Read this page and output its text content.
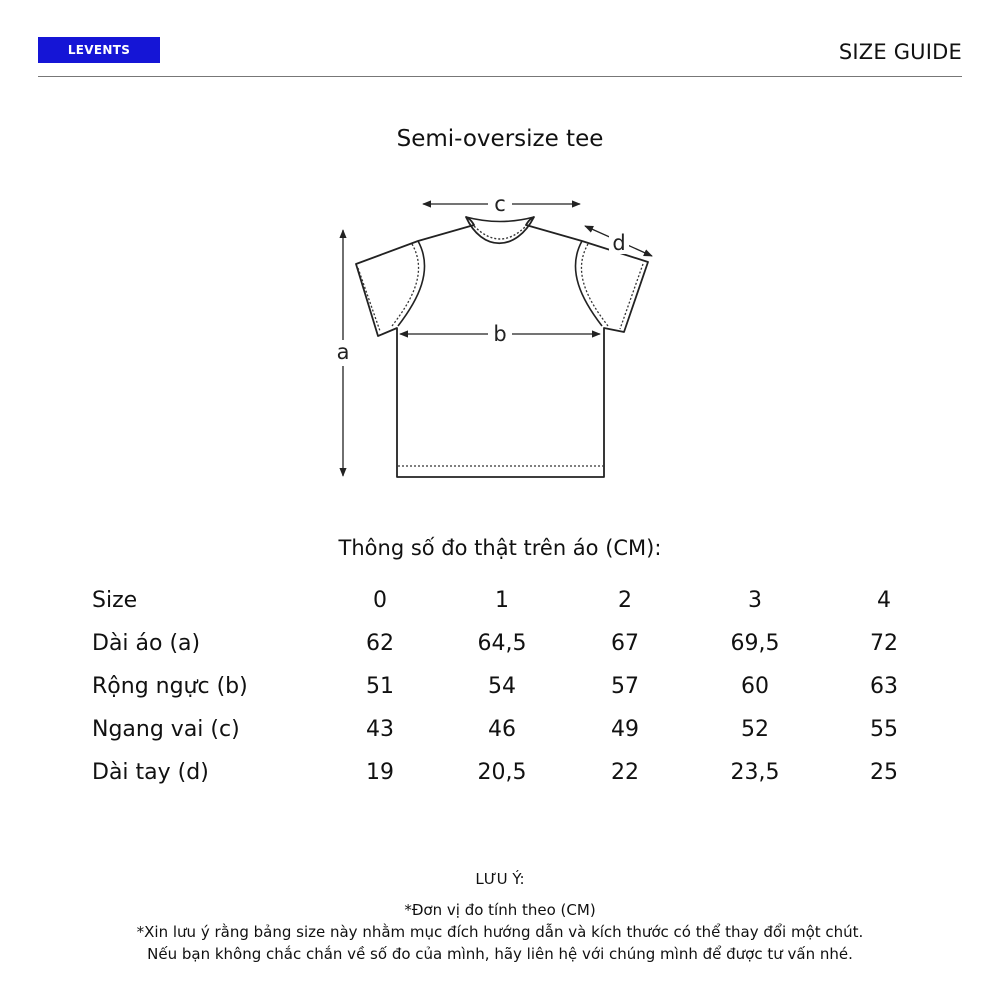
LEVENTS	SIZE GUIDE
Semi-oversize tee
c
d
b
a
Thông số đo thật trên áo (CM):
Size	0	1	2	3	4
Dài áo (a)	62	64,5	67	69,5	72
Rộng ngực (b)	51	54	57	60	63
Ngang vai (c)	43	46	49	52	55
Dài tay (d)	19	20,5	22	23,5	25
LƯU Ý:
*Đơn vị đo tính theo (CM)
*Xin lưu ý rằng bảng size này nhằm mục đích hướng dẫn và kích thước có thể thay đổi một chút.
Nếu bạn không chắc chắn về số đo của mình, hãy liên hệ với chúng mình để được tư vấn nhé.
